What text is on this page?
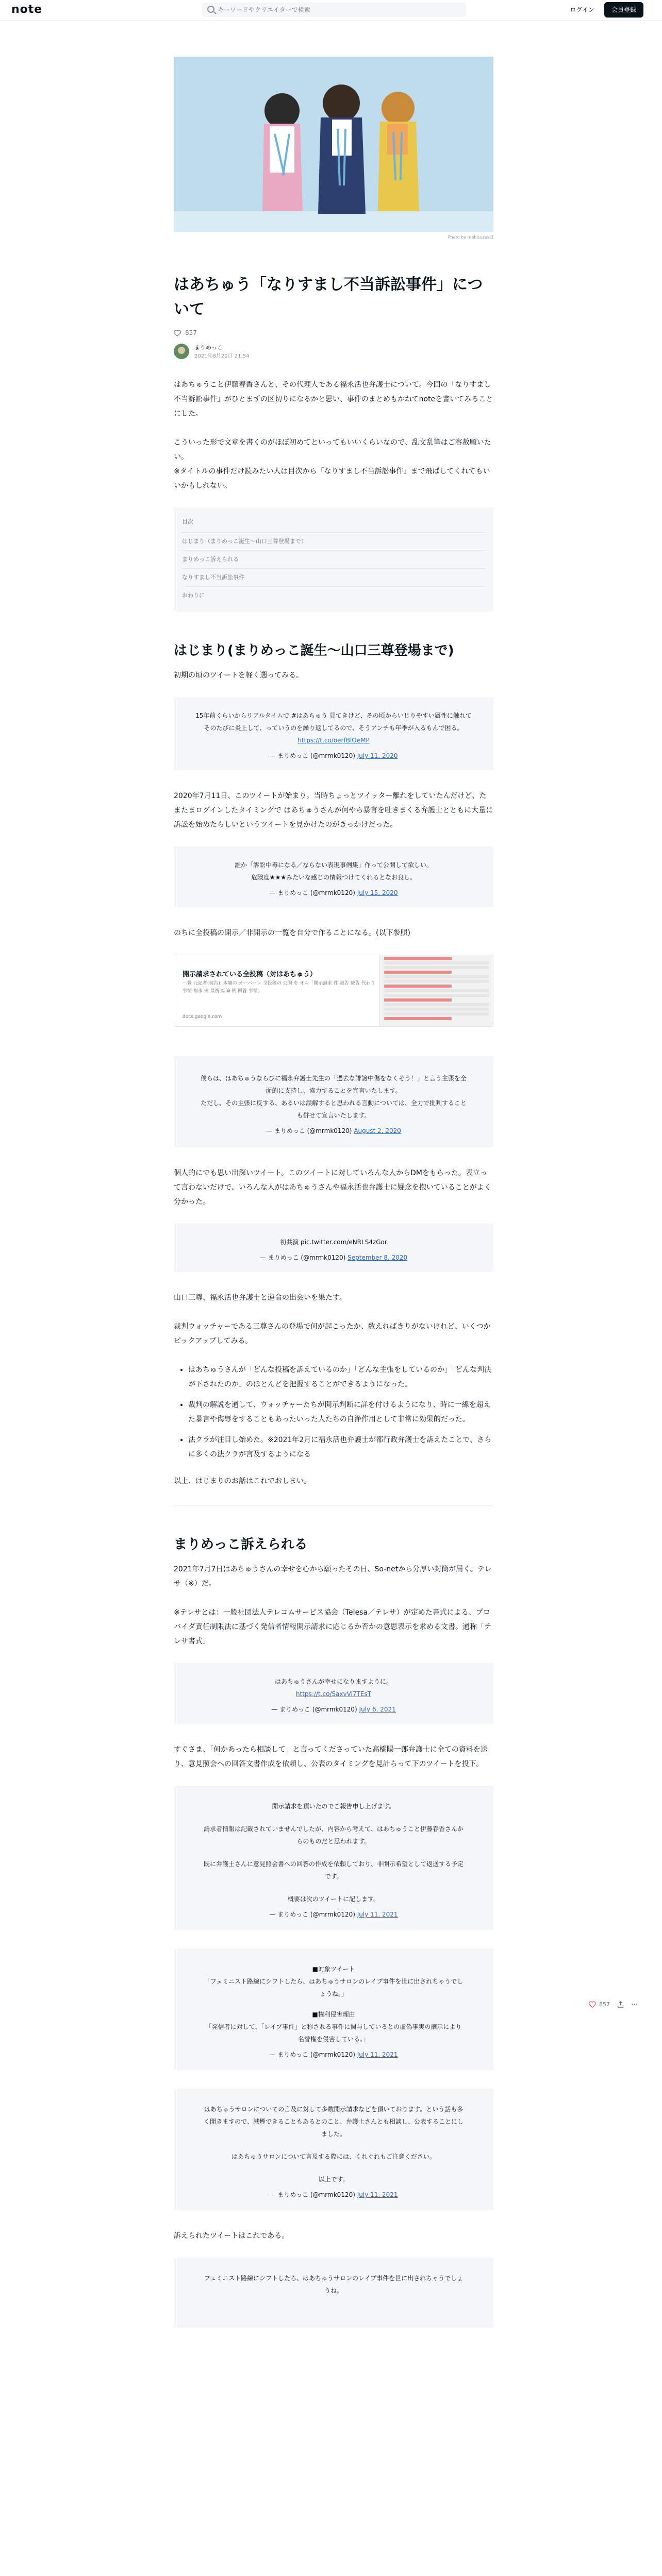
note
キーワードやクリエイターで検索	ログイン	会員登録
Photo by mebisuzuki3
はあちゅう「なりすまし不当訴訟事件」について
857
まりめっこ
2021年8月20日 21:54

はあちゅうこと伊藤春香さんと、その代理人である福永活也弁護士について。今回の「なりすまし不当訴訟事件」がひとまずの区切りになるかと思い、事件のまとめもかねてnoteを書いてみることにした。

こういった形で文章を書くのがほぼ初めてといってもいいくらいなので、乱文乱筆はご容赦願いたい。

※タイトルの事件だけ読みたい人は目次から「なりすまし不当訴訟事件」まで飛ばしてくれてもいいかもしれない。

目次
はじまり（まりめっこ誕生〜山口三尊登場まで）
まりめっこ訴えられる
なりすまし不当訴訟事件
おわりに
はじまり(まりめっこ誕生〜山口三尊登場まで)

初期の頃のツイートを軽く遡ってみる。

15年前くらいからリアルタイムで #はあちゅう 見てきけど、その頃からいじりやすい属性に触れてそのたびに炎上して、っていうのを繰り返してるので、そうアンチも年季が入るもんで困る。
https://t.co/oerfBlOeMP
— まりめっこ (@mrmk0120) July 11, 2020

2020年7月11日、このツイートが始まり。当時ちょっとツイッター離れをしていたんだけど、たまたまログインしたタイミングで はあちゅうさんが何やら暴言を吐きまくる弁護士とともに大量に訴訟を始めたらしいというツイートを見かけたのがきっかけだった。

誰か「訴訟中毒になる／ならない表現事例集」作って公開して欲しい。
危険度★★★みたいな感じの情報つけてくれるとなお良し。
— まりめっこ (@mrmk0120) July 15, 2020

のちに全投稿の開示／非開示の一覧を自分で作ることになる。(以下参照)

開示請求されている全投稿（対はあちゅう）
一覧 元記者(被告), 本顔の オーバーレ 全投稿の 公開 を オル「開示請求 件 被告 被告 代わり 事情 福永 例 最後 結論 例 回答 事情」
docs.google.com
僕らは、はあちゅうならびに福永弁護士先生の「過去な誹謗中傷をなくそう！」と言う主張を全面的に支持し、協力することを宣言いたします。
ただし、その主張に反する、あるいは誤解すると思われる言動については、全力で批判することも併せて宣言いたします。
— まりめっこ (@mrmk0120) August 2, 2020

個人的にでも思い出深いツイート。このツイートに対していろんな人からDMをもらった。表立って言わないだけで、いろんな人がはあちゅうさんや福永活也弁護士に疑念を抱いていることがよく分かった。

初共演 pic.twitter.com/eNRLS4zGor
— まりめっこ (@mrmk0120) September 8, 2020

山口三尊、福永活也弁護士と運命の出会いを果たす。

裁判ウォッチャーである三尊さんの登場で何が起こったか、数えればきりがないけれど、いくつかピックアップしてみる。

• はあちゅうさんが「どんな投稿を訴えているのか」「どんな主張をしているのか」「どんな判決が下されたのか」のほとんどを把握することができるようになった。
• 裁判の解説を通して、ウォッチャーたちが開示判断に詳を付けるようになり、時に一線を超えた暴言や侮辱をすることもあったいった人たちの自浄作用として非常に効果的だった。
• 法クラが注目し始めた。※2021年2月に福永活也弁護士が都行政弁護士を訴えたことで、さらに多くの法クラが言及するようになる

以上、はじまりのお話はこれでおしまい。

まりめっこ訴えられる

2021年7月7日はあちゅうさんの幸せを心から願ったその日、So-netから分厚い封筒が届く。テレサ（※）だ。

※テレサとは：一般社団法人テレコムサービス協会（Telesa／テレサ）が定めた書式による、プロバイダ責任制限法に基づく発信者情報開示請求に応じるか否かの意思表示を求める文書。通称「テレサ書式」

はあちゅうさんが幸せになりますように。
https://t.co/SaxvVi7TEsT
— まりめっこ (@mrmk0120) July 6, 2021

すぐさま、「何かあったら相談して」と言ってくださっていた高橋陽一郎弁護士に全ての資料を送り、意見照会への回答文書作成を依頼し、公表のタイミングを見計らって下のツイートを投下。

開示請求を頂いたのでご報告申し上げます。
請求者情報は記載されていませんでしたが、内容から考えて、はあちゅうこと伊藤春香さんからのものだと思われます。
既に弁護士さんに意見照会書への回答の作成を依頼しており、非開示希望として返送する予定です。
概要は次のツイートに記します。
— まりめっこ (@mrmk0120) July 11, 2021
■対象ツイート
「フェミニスト路線にシフトしたら、はあちゅうサロンのレイプ事件を世に出されちゃうでしょうね。」
■権利侵害理由
「発信者に対して、「レイプ事件」と称される事件に関与しているとの虚偽事実の摘示により名誉権を侵害している。」
— まりめっこ (@mrmk0120) July 11, 2021
はあちゅうサロンについての言及に対して多数開示請求などを頂いております。という話も多く聞きますので、減煙できることもあるとのこと、弁護士さんとも相談し、公表することにしました。
はあちゅうサロンについて言及する際には、くれぐれもご注意ください。
以上です。
— まりめっこ (@mrmk0120) July 11, 2021

訴えられたツイートはこれである。

フェミニスト路線にシフトしたら、はあちゅうサロンのレイプ事件を世に出されちゃうでしょうね。
857
